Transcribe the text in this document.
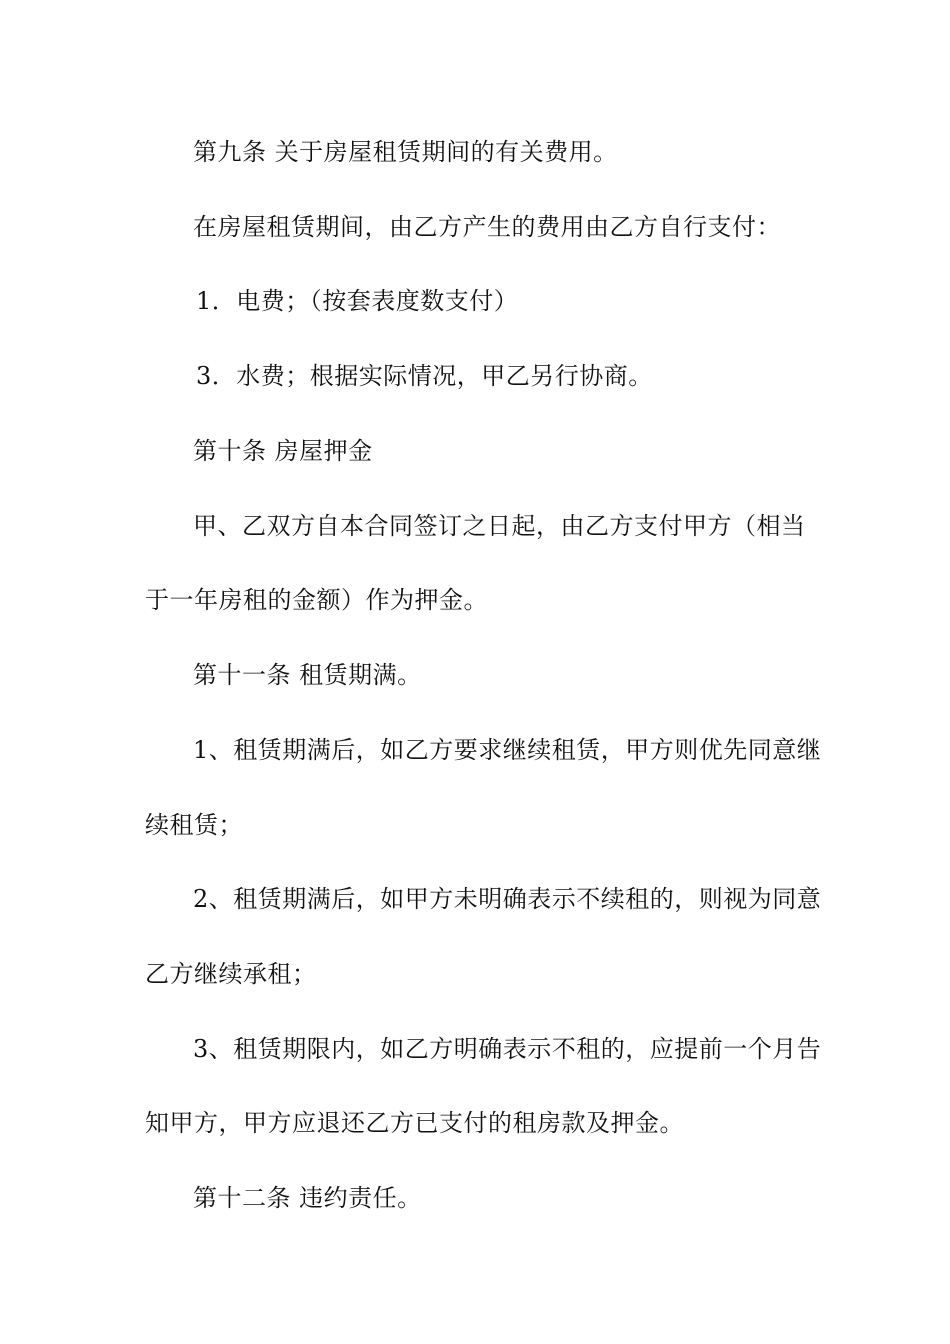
第九条 关于房屋租赁期间的有关费用。
在房屋租赁期间，由乙方产生的费用由乙方自行支付：
1．电费；（按套表度数支付）
3．水费；根据实际情况，甲乙另行协商。
第十条 房屋押金
甲、乙双方自本合同签订之日起，由乙方支付甲方（相当
于一年房租的金额）作为押金。
第十一条 租赁期满。
1、租赁期满后，如乙方要求继续租赁，甲方则优先同意继
续租赁；
2、租赁期满后，如甲方未明确表示不续租的，则视为同意
乙方继续承租；
3、租赁期限内，如乙方明确表示不租的，应提前一个月告
知甲方，甲方应退还乙方已支付的租房款及押金。
第十二条 违约责任。
